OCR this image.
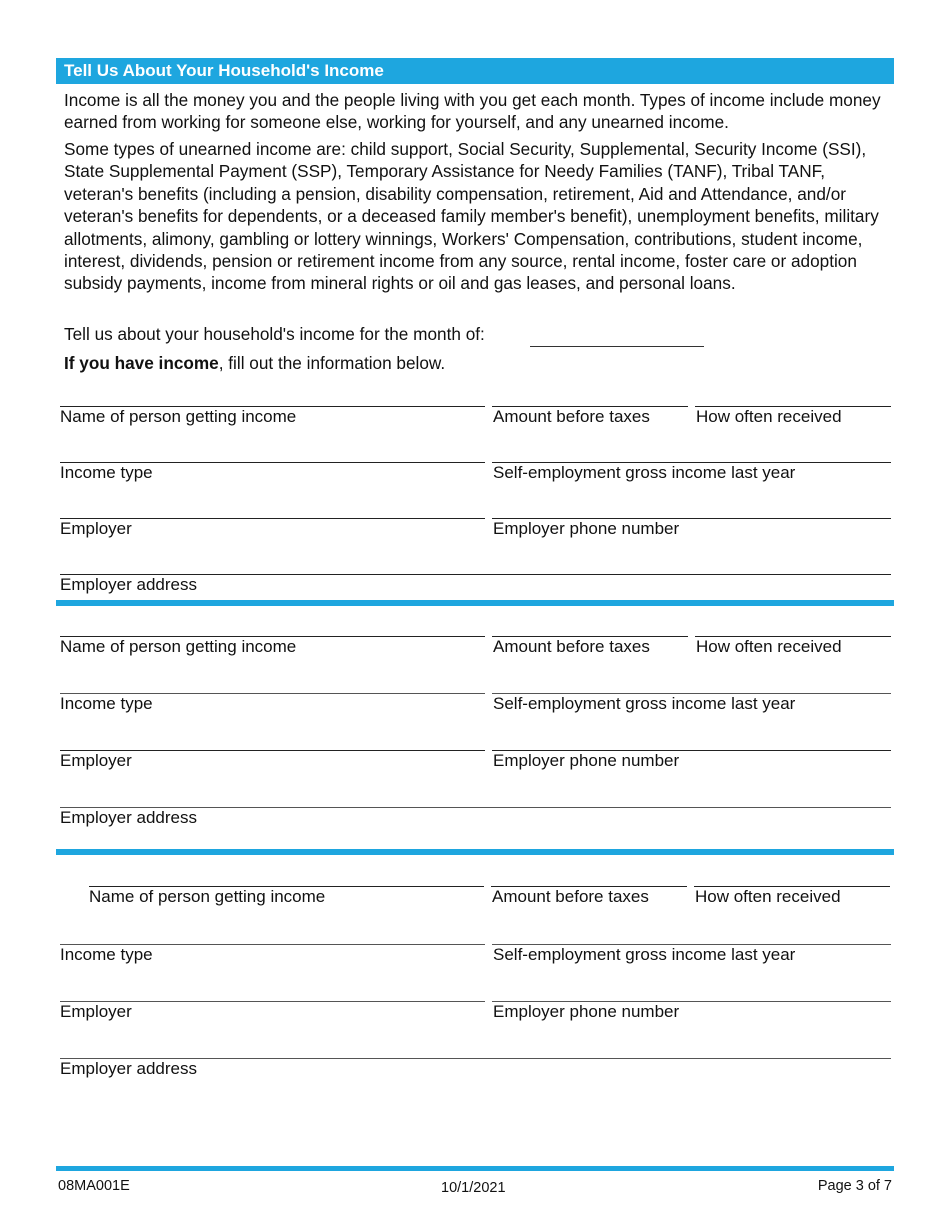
Tell Us About Your Household's Income
Income is all the money you and the people living with you get each month. Types of income include money earned from working for someone else, working for yourself, and any unearned income.
Some types of unearned income are: child support, Social Security, Supplemental, Security Income (SSI), State Supplemental Payment (SSP), Temporary Assistance for Needy Families (TANF), Tribal TANF, veteran's benefits (including a pension, disability compensation, retirement, Aid and Attendance, and/or veteran's benefits for dependents, or a deceased family member's benefit), unemployment benefits, military allotments, alimony, gambling or lottery winnings, Workers' Compensation, contributions, student income, interest, dividends, pension or retirement income from any source, rental income, foster care or adoption subsidy payments, income from mineral rights or oil and gas leases, and personal loans.
Tell us about your household's income for the month of:
If you have income, fill out the information below.
Name of person getting income	Amount before taxes	How often received
Income type	Self-employment gross income last year
Employer	Employer phone number
Employer address
Name of person getting income	Amount before taxes	How often received
Income type	Self-employment gross income last year
Employer	Employer phone number
Employer address
Name of person getting income	Amount before taxes	How often received
Income type	Self-employment gross income last year
Employer	Employer phone number
Employer address
08MA001E	10/1/2021	Page 3 of 7
